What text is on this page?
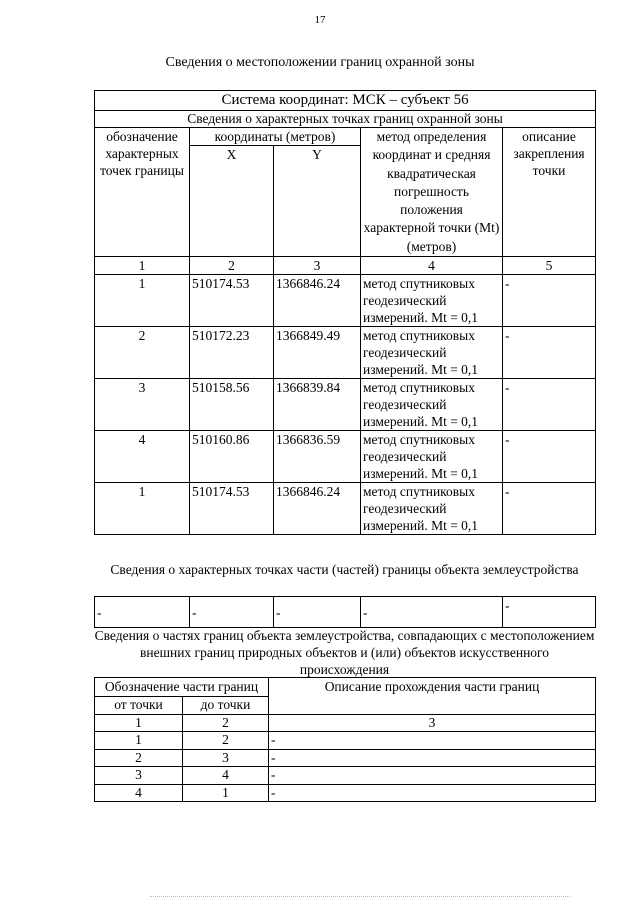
17
Сведения о местоположении границ охранной зоны
Система координат: МСК – субъект 56				
Сведения о характерных точках границ охранной зоны				
обозначение характерных точек границы	координаты (метров)		метод определения координат и средняя квадратическая погрешность положения характерной точки (Mt) (метров)	описание закрепления точки
	X	Y		
1	2	3	4	5
1	510174.53	1366846.24	метод спутниковых геодезический измерений. Mt = 0,1	-
2	510172.23	1366849.49	метод спутниковых геодезический измерений. Mt = 0,1	-
3	510158.56	1366839.84	метод спутниковых геодезический измерений. Mt = 0,1	-
4	510160.86	1366836.59	метод спутниковых геодезический измерений. Mt = 0,1	-
1	510174.53	1366846.24	метод спутниковых геодезический измерений. Mt = 0,1	-
Сведения о характерных точках части (частей) границы объекта землеустройства
-	-	-	-	-
Сведения о частях границ объекта землеустройства, совпадающих с местоположением внешних границ природных объектов и (или) объектов искусственного происхождения
Обозначение части границ		Описание прохождения части границ
от точки	до точки	
1	2	3
1	2	-
2	3	-
3	4	-
4	1	-
